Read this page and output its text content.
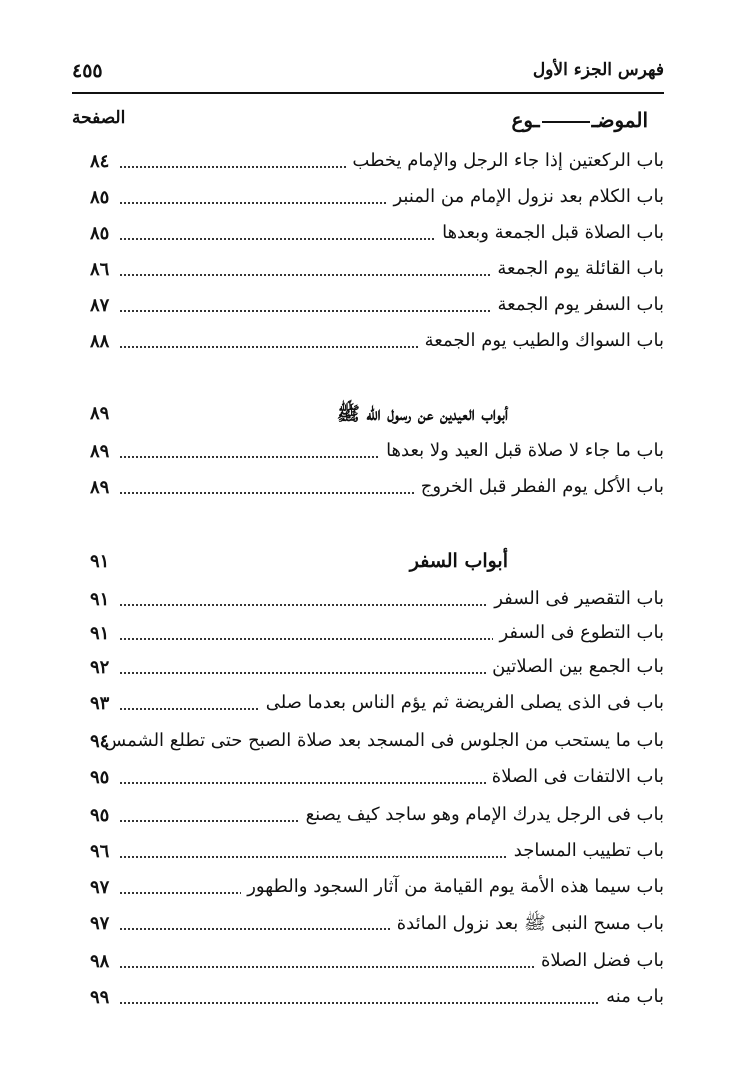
فهرس الجزء الأول
٤٥٥
الموضــوع
الصفحة
باب الركعتين إذا جاء الرجل والإمام يخطب
٨٤
باب الكلام بعد نزول الإمام من المنبر
٨٥
باب الصلاة قبل الجمعة وبعدها
٨٥
باب القائلة يوم الجمعة
٨٦
باب السفر يوم الجمعة
٨٧
باب السواك والطيب يوم الجمعة
٨٨
أبواب العيدين عن رسول الله ﷺ
٨٩
باب ما جاء لا صلاة قبل العيد ولا بعدها
٨٩
باب الأكل يوم الفطر قبل الخروج
٨٩
أبواب السفر
٩١
باب التقصير فى السفر
٩١
باب التطوع فى السفر
٩١
باب الجمع بين الصلاتين
٩٢
باب فى الذى يصلى الفريضة ثم يؤم الناس بعدما صلى
٩٣
باب ما يستحب من الجلوس فى المسجد بعد صلاة الصبح حتى تطلع الشمس
٩٤
باب الالتفات فى الصلاة
٩٥
باب فى الرجل يدرك الإمام وهو ساجد كيف يصنع
٩٥
باب تطييب المساجد
٩٦
باب سيما هذه الأمة يوم القيامة من آثار السجود والطهور
٩٧
باب مسح النبى ﷺ بعد نزول المائدة
٩٧
باب فضل الصلاة
٩٨
باب منه
٩٩
